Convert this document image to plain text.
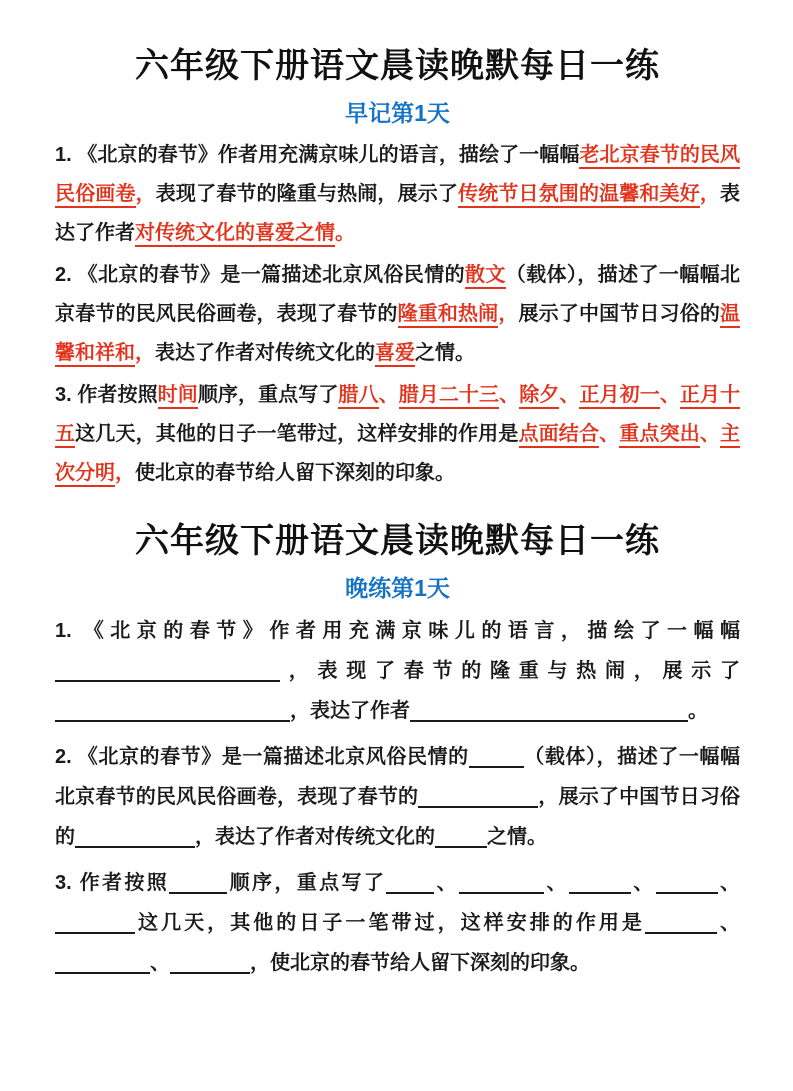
六年级下册语文晨读晚默每日一练
早记第1天

1. 《北京的春节》作者用充满京味儿的语言，描绘了一幅幅老北京春节的民风民俗画卷，表现了春节的隆重与热闹，展示了传统节日氛围的温馨和美好，表达了作者对传统文化的喜爱之情。

2. 《北京的春节》是一篇描述北京风俗民情的散文（载体），描述了一幅幅北京春节的民风民俗画卷，表现了春节的隆重和热闹，展示了中国节日习俗的温馨和祥和，表达了作者对传统文化的喜爱之情。

3. 作者按照时间顺序，重点写了腊八、腊月二十三、除夕、正月初一、正月十五这几天，其他的日子一笔带过，这样安排的作用是点面结合、重点突出、主次分明，使北京的春节给人留下深刻的印象。

六年级下册语文晨读晚默每日一练
晚练第1天

1. 《北京的春节》作者用充满京味儿的语言，描绘了一幅幅，表现了春节的隆重与热闹，展示了，表达了作者	。

2. 《北京的春节》是一篇描述北京风俗民情的	（载体），描述了一幅幅北京春节的民风民俗画卷，表现了春节的	，展示了中国节日习俗的	，表达了作者对传统文化的	之情。

3. 作者按照	顺序，重点写了 、	、	、	、这几天，其他的日子一笔带过，这样安排的作用是	、、	，使北京的春节给人留下深刻的印象。
